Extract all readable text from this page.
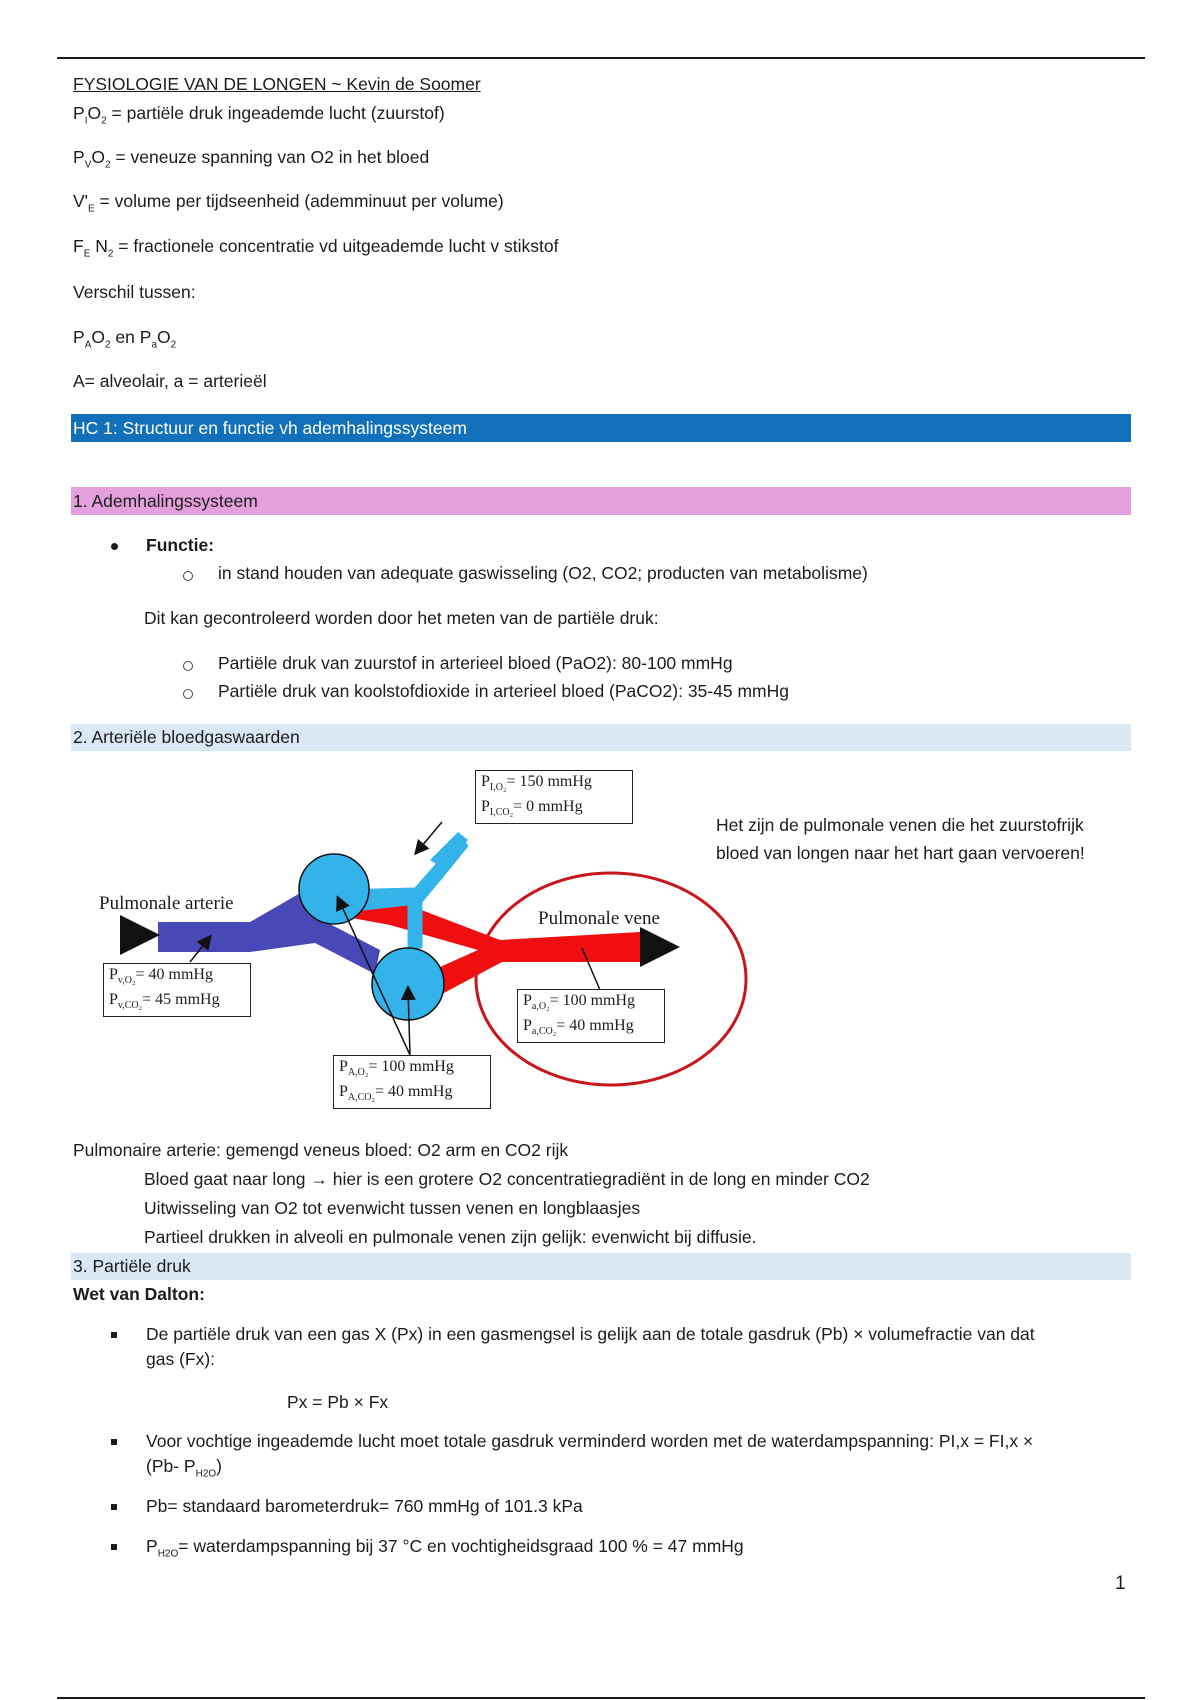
FYSIOLOGIE VAN DE LONGEN ~ Kevin de Soomer
$P_IO_2$ = partiële druk ingeademde lucht (zuurstof)
$P_VO_2$ = veneuze spanning van O2 in het bloed
$V'_E$ = volume per tijdseenheid (ademminuut per volume)
$F_E$ $N_2$ = fractionele concentratie vd uitgeademde lucht v stikstof
Verschil tussen:
$P_AO_2$ en $P_aO_2$
A= alveolair, a = arterieël
HC 1: Structuur en functie vh ademhalingssysteem
1. Ademhalingssysteem
Functie:
in stand houden van adequate gaswisseling (O2, CO2; producten van metabolisme)
Dit kan gecontroleerd worden door het meten van de partiële druk:
Partiële druk van zuurstof in arterieel bloed (PaO2): 80-100 mmHg
Partiële druk van koolstofdioxide in arterieel bloed (PaCO2): 35-45 mmHg
2. Arteriële bloedgaswaarden
Het zijn de pulmonale venen die het zuurstofrijk
bloed van longen naar het hart gaan vervoeren!
Pulmonale arterie
Pulmonale vene
$P_{I,O_2}= 150$ mmHg
$P_{I,CO_2}= 0$ mmHg
$P_{v,O_2}= 40$ mmHg
$P_{v,CO_2}= 45$ mmHg	$P_{a,O_2}= 100$ mmHg
$P_{a,CO_2}= 40$ mmHg
$P_{A,O_2}= 100$ mmHg
$P_{A,CO_2}= 40$ mmHg
Pulmonaire arterie: gemengd veneus bloed: O2 arm en CO2 rijk
Bloed gaat naar long → hier is een grotere O2 concentratiegradiënt in de long en minder CO2
Uitwisseling van O2 tot evenwicht tussen venen en longblaasjes
Partieel drukken in alveoli en pulmonale venen zijn gelijk: evenwicht bij diffusie.
3. Partiële druk
Wet van Dalton:
De partiële druk van een gas X (Px) in een gasmengsel is gelijk aan de totale gasdruk (Pb) × volumefractie van dat
gas (Fx):
Px = Pb × Fx
Voor vochtige ingeademde lucht moet totale gasdruk verminderd worden met de waterdampspanning: PI,x = FI,x ×
(Pb- $P_{H2O}$)
Pb= standaard barometerdruk= 760 mmHg of 101.3 kPa
$P_{H2O}=$ waterdampspanning bij 37 °C en vochtigheidsgraad 100 % = 47 mmHg
1
